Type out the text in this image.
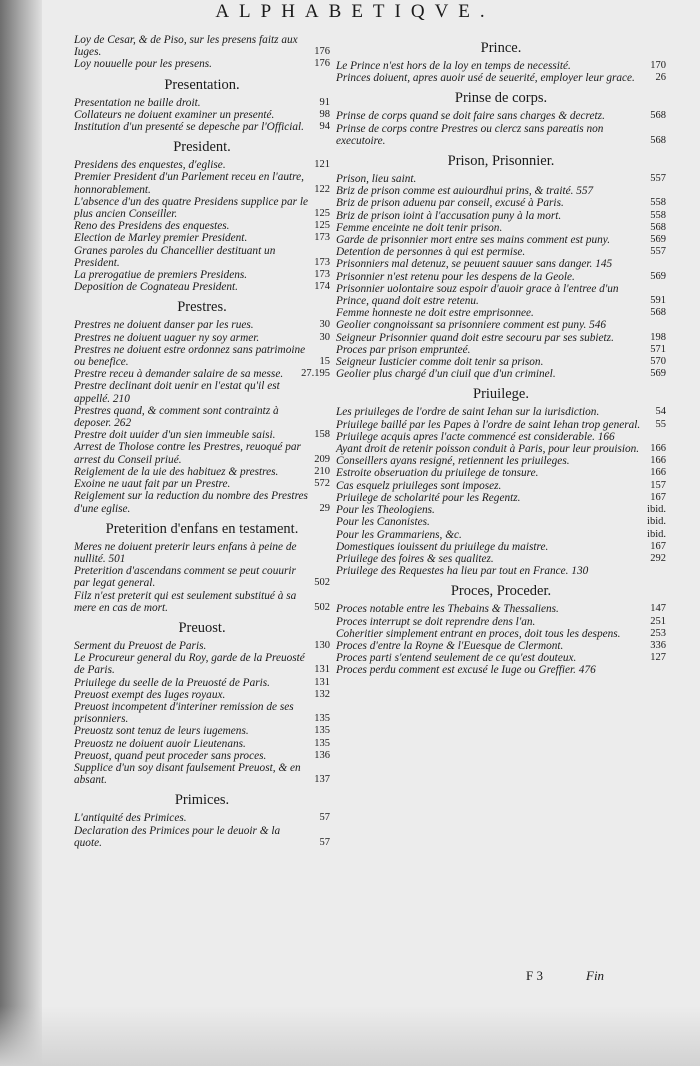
ALPHABETIQVE.
Loy de Cesar, & de Piso, sur les presens faitz aux Iuges.	176
Loy nouuelle pour les presens.	176
Presentation.
Presentation ne baille droit.	91
Collateurs ne doiuent examiner un presenté.	98
Institution d'un presenté se depesche par l'Official. 94
President.
Presidens des enquestes, d'eglise.	121
Premier President d'un Parlement receu en l'autre, honnorablement.	122
L'absence d'un des quatre Presidens supplice par le plus ancien Conseiller.	125
Reno des Presidens des enquestes.	125
Election de Marley premier President.	173
Granes paroles du Chancellier destituant un President.	173
La prerogatiue de premiers Presidens.	173
Deposition de Cognateau President.	174
Prestres.
Prestres ne doiuent danser par les rues.	30
Prestres ne doiuent uaguer ny soy armer.	30
Prestres ne doiuent estre ordonnez sans patrimoine ou benefice.	15
Prestre receu à demander salaire de sa messe. 27.195
Prestre declinant doit uenir en l'estat qu'il est appellé. 210
Prestres quand, & comment sont contraintz à deposer. 262
Prestre doit uuider d'un sien immeuble saisi.	158
Arrest de Tholose contre les Prestres, reuoqué par arrest du Conseil priué.	209
Reiglement de la uie des habituez & prestres.	210
Exoine ne uaut fait par un Prestre.	572
Reiglement sur la reduction du nombre des Prestres d'une eglise.	29
Preterition d'enfans en testament.
Meres ne doiuent preterir leurs enfans à peine de nullité. 501
Preterition d'ascendans comment se peut couurir par legat general.	502
Filz n'est preterit qui est seulement substitué à sa mere en cas de mort.	502
Preuost.
Serment du Preuost de Paris.	130
Le Procureur general du Roy, garde de la Preuosté de Paris.	131
Priuilege du seelle de la Preuosté de Paris.	131
Preuost exempt des Iuges royaux.	132
Preuost incompetent d'interiner remission de ses prisonniers.	135
Preuostz sont tenuz de leurs iugemens.	135
Preuostz ne doiuent auoir Lieutenans.	135
Preuost, quand peut proceder sans proces.	136
Supplice d'un soy disant faulsement Preuost, & en absant.	137
Primices.
L'antiquité des Primices.	57
Declaration des Primices pour le deuoir & la quote.	57
Prince.
Le Prince n'est hors de la loy en temps de necessité.	170
Princes doiuent, apres auoir usé de seuerité, employer leur grace. 26
Prinse de corps.
Prinse de corps quand se doit faire sans charges & decretz.	568
Prinse de corps contre Prestres ou clercz sans pareatis non executoire.	568
Prison, Prisonnier.
Prison, lieu saint.	557
Briz de prison comme est auiourdhui prins, & traité. 557
Briz de prison aduenu par conseil, excusé à Paris.	558
Briz de prison ioint à l'accusation puny à la mort.	558
Femme enceinte ne doit tenir prison.	568
Garde de prisonnier mort entre ses mains comment est puny.	569
Detention de personnes à qui est permise.	557
Prisonniers mal detenuz, se peuuent sauuer sans danger. 145
Prisonnier n'est retenu pour les despens de la Geole.	569
Prisonnier uolontaire souz espoir d'auoir grace à l'entree d'un Prince, quand doit estre retenu.	591
Femme honneste ne doit estre emprisonnee.	568
Geolier congnoissant sa prisonniere comment est puny. 546
Seigneur Prisonnier quand doit estre secouru par ses subietz.	198
Proces par prison emprunteé.	571
Seigneur Iusticier comme doit tenir sa prison.	570
Geolier plus chargé d'un ciuil que d'un criminel.	569
Priuilege.
Les priuileges de l'ordre de saint Iehan sur la iurisdiction.	54
Priuilege baillé par les Papes à l'ordre de saint Iehan trop general. 55
Priuilege acquis apres l'acte commencé est considerable. 166
Ayant droit de retenir poisson conduit à Paris, pour leur prouision. 166
Conseillers ayans resigné, retiennent les priuileges.	166
Estroite obseruation du priuilege de tonsure.	166
Cas esquelz priuileges sont imposez.	157
Priuilege de scholarité pour les Regentz.	167
Pour les Theologiens.	ibid.
Pour les Canonistes.	ibid.
Pour les Grammariens, &c.	ibid.
Domestiques iouissent du priuilege du maistre.	167
Priuilege des foires & ses qualitez.	292
Priuilege des Requestes ha lieu par tout en France. 130
Proces, Proceder.
Proces notable entre les Thebains & Thessaliens.	147
Proces interrupt se doit reprendre dens l'an.	251
Coheritier simplement entrant en proces, doit tous les despens.	253
Proces d'entre la Royne & l'Euesque de Clermont.	336
Proces parti s'entend seulement de ce qu'est douteux.	127
Proces perdu comment est excusé le Iuge ou Greffier. 476
F 3	Fin
